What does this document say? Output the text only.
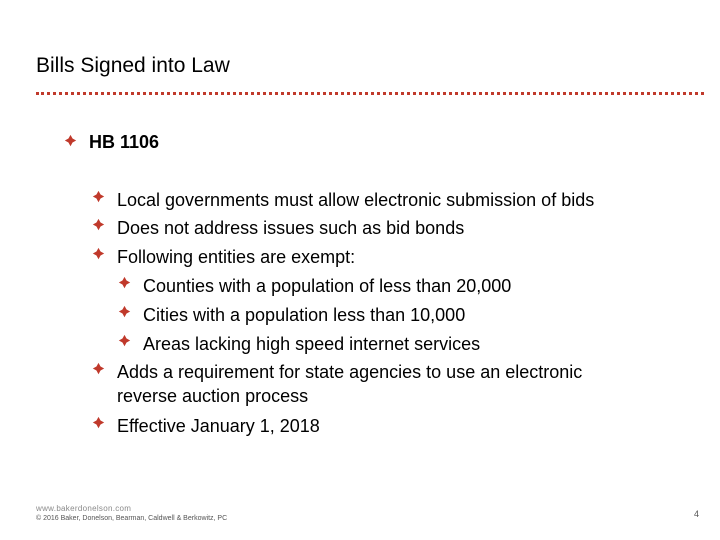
Bills Signed into Law
HB 1106
Local governments must allow electronic submission of bids
Does not address issues such as bid bonds
Following entities are exempt:
Counties with a population of less than 20,000
Cities with a population less than 10,000
Areas lacking high speed internet services
Adds a requirement for state agencies to use an electronic
reverse auction process
Effective January 1, 2018
www.bakerdonelson.com
© 2016 Baker, Donelson, Bearman, Caldwell & Berkowitz, PC	4
